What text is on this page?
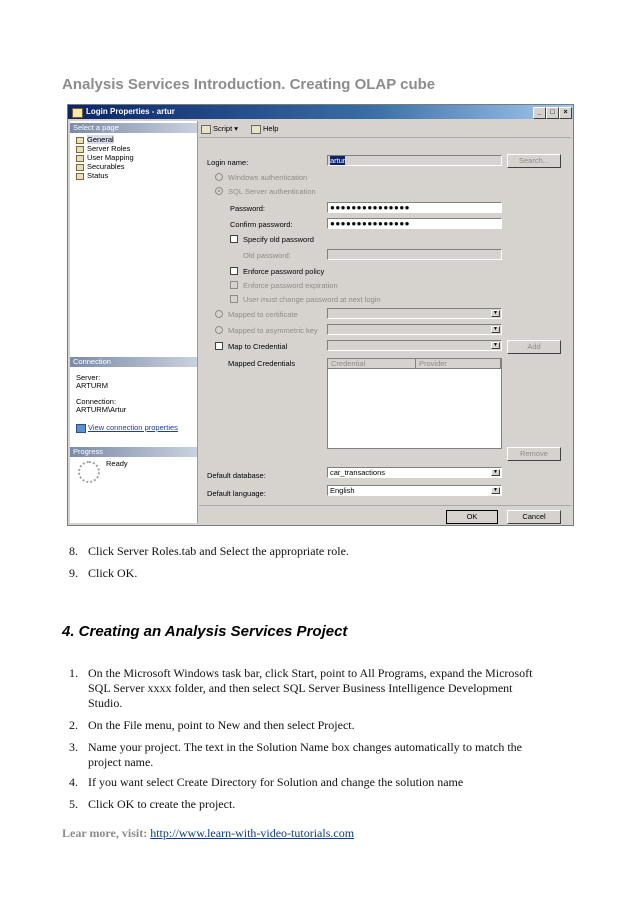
Analysis Services Introduction. Creating OLAP cube
Login Properties - artur	_	□	×
Select a page
General
Server Roles
User Mapping
Securables
Status
Connection
Server:
ARTURM
Connection:
ARTURM\Artur
View connection properties
Progress
Ready
Script ▾	Help
Login name:	artur	Search...
Windows authentication
SQL Server authentication
Password:	●●●●●●●●●●●●●●●
Confirm password:	●●●●●●●●●●●●●●●
Specify old password
Old password:
Enforce password policy
Enforce password expiration
User must change password at next login
Mapped to certificate	▼
Mapped to asymmetric key	▼
Map to Credential	▼	Add
Mapped Credentials	Credential	Provider
Remove
Default database:	car_transactions	▼
Default language:	English	▼
OK	Cancel
8. Click Server Roles.tab and Select the appropriate role.
9. Click OK.
4. Creating an Analysis Services Project
1. On the Microsoft Windows task bar, click Start, point to All Programs, expand the Microsoft
SQL Server xxxx folder, and then select SQL Server Business Intelligence Development
Studio.
2. On the File menu, point to New and then select Project.
3. Name your project. The text in the Solution Name box changes automatically to match the
project name.
4. If you want select Create Directory for Solution and change the solution name
5. Click OK to create the project.
Lear more, visit: http://www.learn-with-video-tutorials.com
